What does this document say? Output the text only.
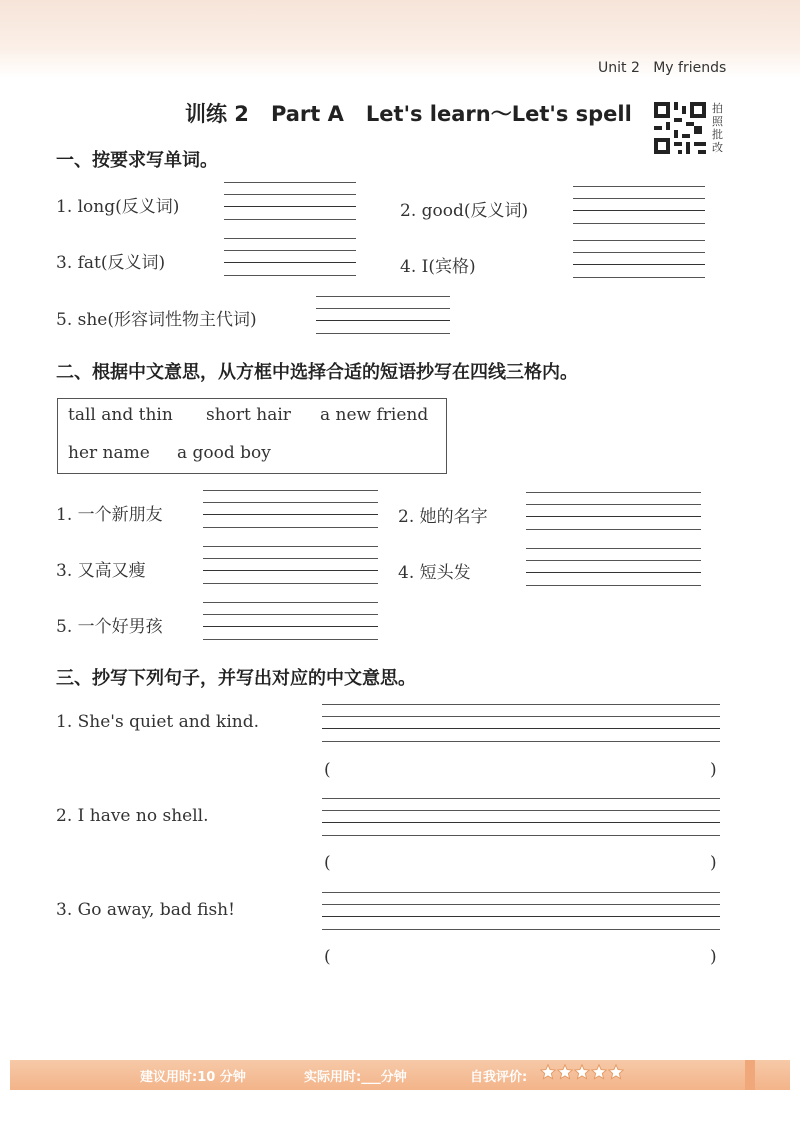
Unit 2 My friends
训练 2 Part A Let's learn～Let's spell	拍
照
批
改
一、按要求写单词。
1. long(反义词)	2. good(反义词)
3. fat(反义词)	4. I(宾格)
5. she(形容词性物主代词)
二、根据中文意思，从方框中选择合适的短语抄写在四线三格内。
tall and thin short hair a new friend
her name a good boy
1. 一个新朋友	2. 她的名字
3. 又高又瘦	4. 短头发
5. 一个好男孩
三、抄写下列句子，并写出对应的中文意思。
1. She's quiet and kind.
(	)
2. I have no shell.
(	)
3. Go away, bad fish!
(	)
建议用时:10 分钟	实际用时:___分钟	自我评价:
